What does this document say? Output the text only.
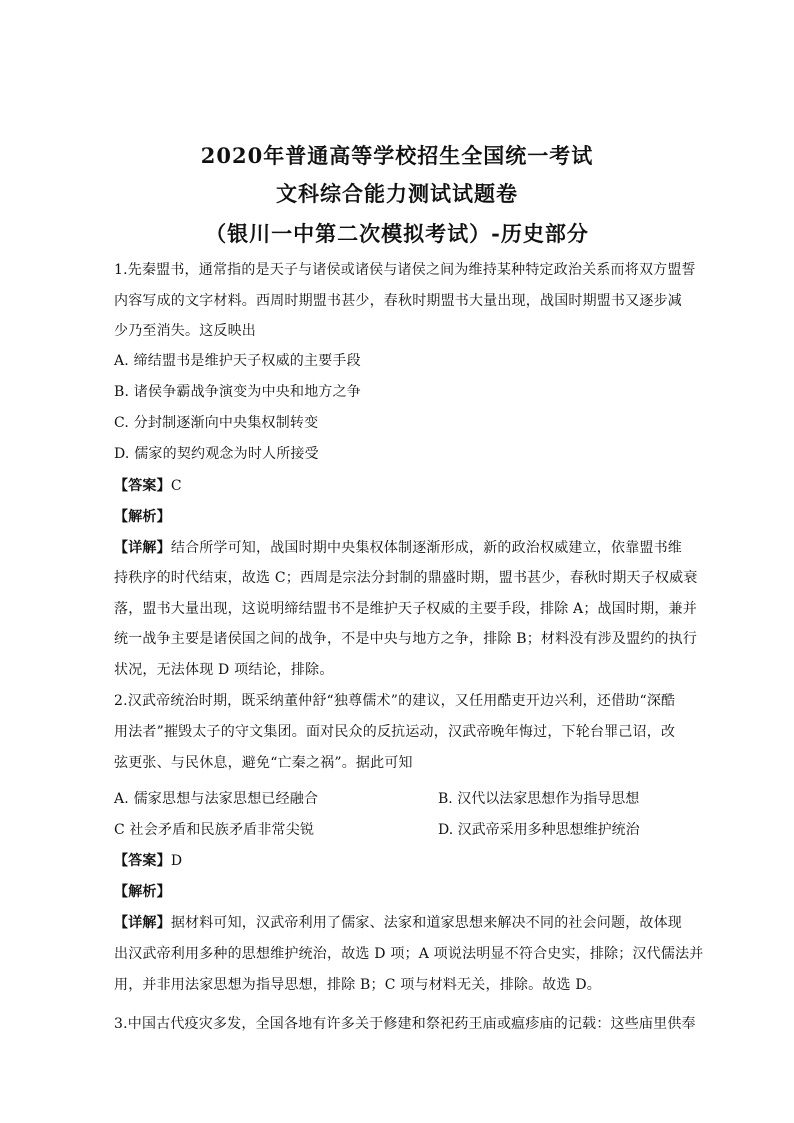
2020年普通高等学校招生全国统一考试
文科综合能力测试试题卷
（银川一中第二次模拟考试）-历史部分
1.先秦盟书，通常指的是天子与诸侯或诸侯与诸侯之间为维持某种特定政治关系而将双方盟誓
内容写成的文字材料。西周时期盟书甚少，春秋时期盟书大量出现，战国时期盟书又逐步减
少乃至消失。这反映出
A. 缔结盟书是维护天子权威的主要手段
B. 诸侯争霸战争演变为中央和地方之争
C. 分封制逐渐向中央集权制转变
D. 儒家的契约观念为时人所接受
【答案】C
【解析】
【详解】结合所学可知，战国时期中央集权体制逐渐形成，新的政治权威建立，依靠盟书维
持秩序的时代结束，故选 C；西周是宗法分封制的鼎盛时期，盟书甚少，春秋时期天子权威衰
落，盟书大量出现，这说明缔结盟书不是维护天子权威的主要手段，排除 A；战国时期，兼并
统一战争主要是诸侯国之间的战争，不是中央与地方之争，排除 B；材料没有涉及盟约的执行
状况，无法体现 D 项结论，排除。
2.汉武帝统治时期，既采纳董仲舒“独尊儒术”的建议，又任用酷吏开边兴利，还借助“深酷
用法者”摧毁太子的守文集团。面对民众的反抗运动，汉武帝晚年悔过，下轮台罪己诏，改
弦更张、与民休息，避免“亡秦之祸”。据此可知
A. 儒家思想与法家思想已经融合	B. 汉代以法家思想作为指导思想
C 社会矛盾和民族矛盾非常尖锐	D. 汉武帝采用多种思想维护统治
【答案】D
【解析】
【详解】据材料可知，汉武帝利用了儒家、法家和道家思想来解决不同的社会问题，故体现
出汉武帝利用多种的思想维护统治，故选 D 项；A 项说法明显不符合史实，排除；汉代儒法并
用，并非用法家思想为指导思想，排除 B；C 项与材料无关，排除。故选 D。
3.中国古代疫灾多发，全国各地有许多关于修建和祭祀药王庙或瘟疹庙的记载：这些庙里供奉
